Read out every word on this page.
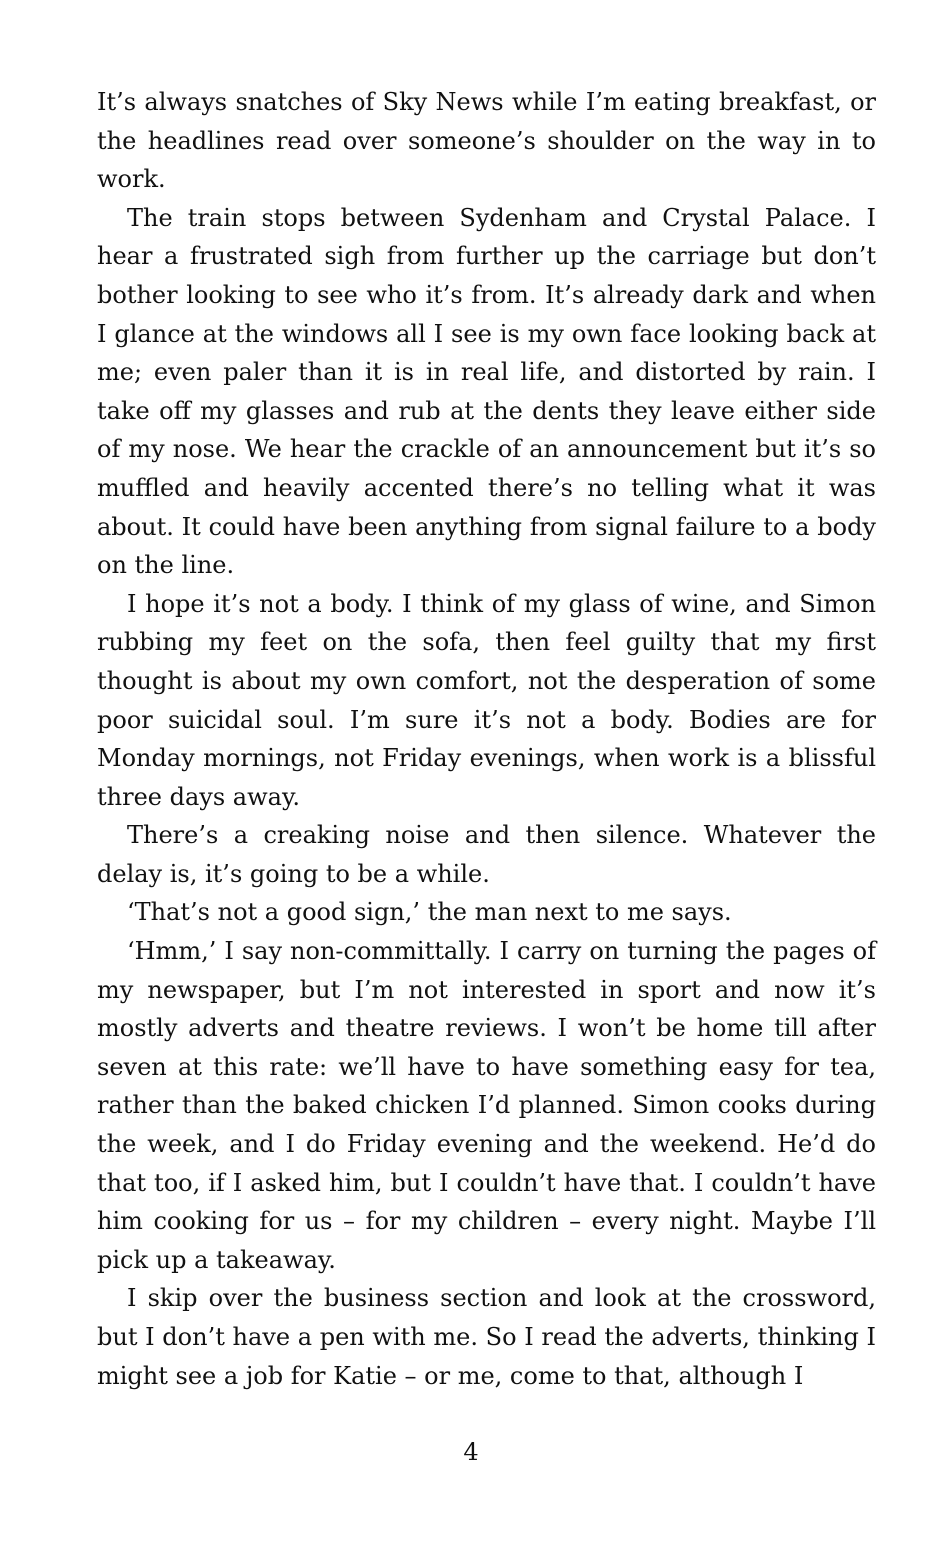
It’s always snatches of Sky News while I’m eating breakfast, or the headlines read over someone’s shoulder on the way in to work.

The train stops between Sydenham and Crystal Palace. I hear a frustrated sigh from further up the carriage but don’t bother looking to see who it’s from. It’s already dark and when I glance at the windows all I see is my own face looking back at me; even paler than it is in real life, and distorted by rain. I take off my glasses and rub at the dents they leave either side of my nose. We hear the crackle of an announcement but it’s so muffled and heavily accented there’s no telling what it was about. It could have been anything from signal failure to a body on the line.

I hope it’s not a body. I think of my glass of wine, and Simon rubbing my feet on the sofa, then feel guilty that my first thought is about my own comfort, not the desperation of some poor suicidal soul. I’m sure it’s not a body. Bodies are for Monday mornings, not Friday evenings, when work is a blissful three days away.

There’s a creaking noise and then silence. Whatever the delay is, it’s going to be a while.

‘That’s not a good sign,’ the man next to me says.

‘Hmm,’ I say non-committally. I carry on turning the pages of my newspaper, but I’m not interested in sport and now it’s mostly adverts and theatre reviews. I won’t be home till after seven at this rate: we’ll have to have something easy for tea, rather than the baked chicken I’d planned. Simon cooks during the week, and I do Friday evening and the weekend. He’d do that too, if I asked him, but I couldn’t have that. I couldn’t have him cooking for us – for my children – every night. Maybe I’ll pick up a takeaway.

I skip over the business section and look at the crossword, but I don’t have a pen with me. So I read the adverts, thinking I might see a job for Katie – or me, come to that, although I

4
